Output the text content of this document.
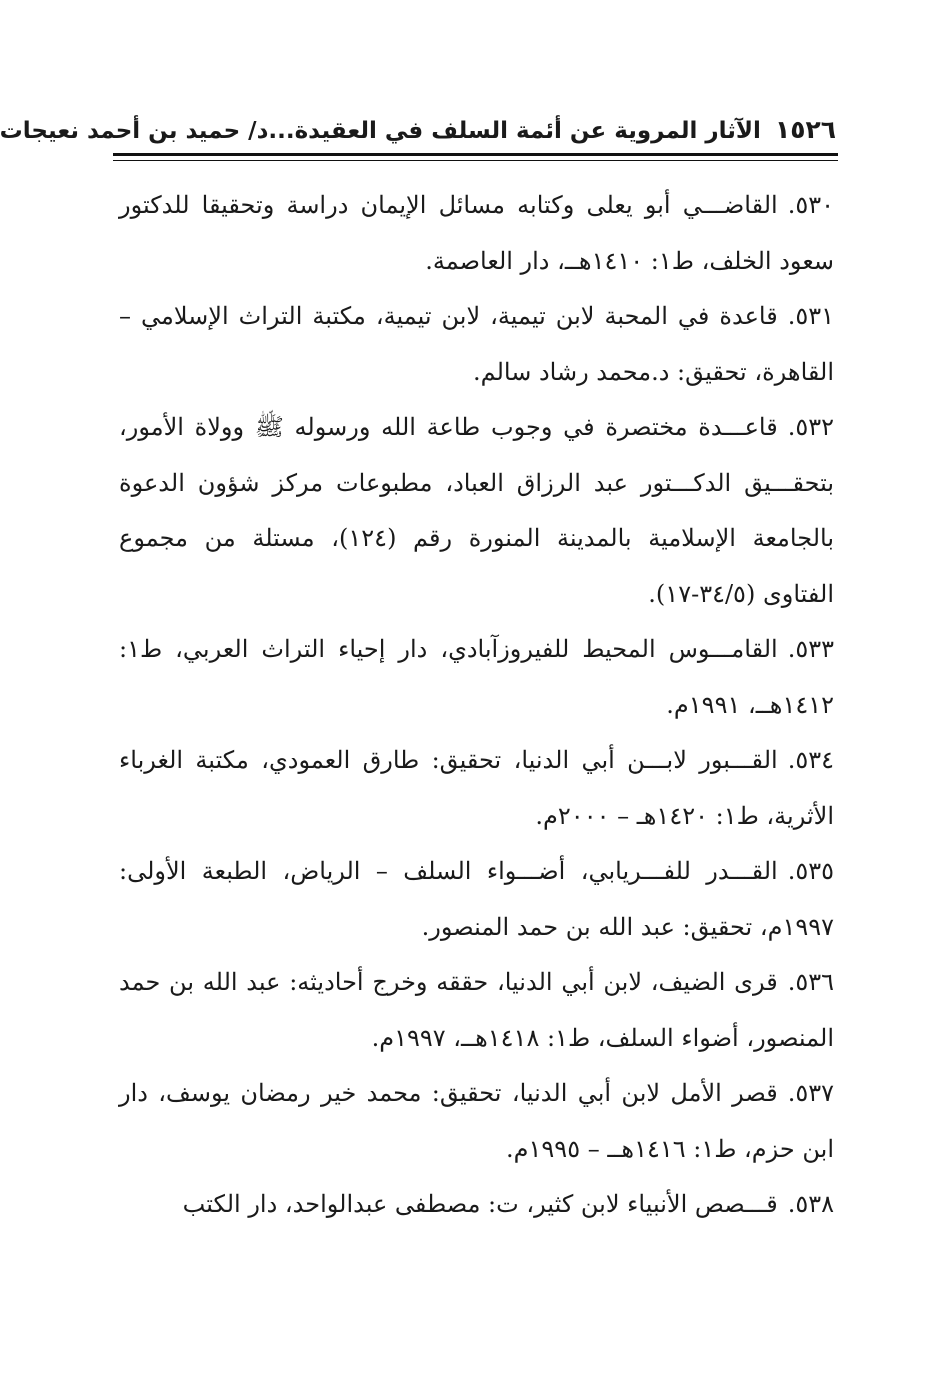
١٥٢٦ الآثار المروية عن أئمة السلف في العقيدة...د/ حميد بن أحمد نعيجات

٥٣٠.القاضـــي أبو يعلى وكتابه مسائل الإيمان دراسة وتحقيقا للدكتور سعود الخلف، ط١: ١٤١٠هــ، دار العاصمة.

٥٣١.قاعدة في المحبة لابن تيمية، لابن تيمية، مكتبة التراث الإسلامي – القاهرة، تحقيق: د.محمد رشاد سالم.

٥٣٢.قاعـــدة مختصرة في وجوب طاعة الله ورسوله ﷺ وولاة الأمور، بتحقـــيق الدكـــتور عبد الرزاق العباد، مطبوعات مركز شؤون الدعوة بالجامعة الإسلامية بالمدينة المنورة رقم (١٢٤)، مستلة من مجموع الفتاوى (٣٤/٥-١٧).

٥٣٣.القامـــوس المحيط للفيروزآبادي، دار إحياء التراث العربي، ط١: ١٤١٢هــ، ١٩٩١م.

٥٣٤.القـــبور لابـــن أبي الدنيا، تحقيق: طارق العمودي، مكتبة الغرباء الأثرية، ط١: ١٤٢٠هـ – ٢٠٠٠م.

٥٣٥.القـــدر للفـــريابي، أضـــواء السلف – الرياض، الطبعة الأولى: ١٩٩٧م، تحقيق: عبد الله بن حمد المنصور.

٥٣٦.قرى الضيف، لابن أبي الدنيا، حققه وخرج أحاديثه: عبد الله بن حمد المنصور، أضواء السلف، ط١: ١٤١٨هــ، ١٩٩٧م.

٥٣٧.قصر الأمل لابن أبي الدنيا، تحقيق: محمد خير رمضان يوسف، دار ابن حزم، ط١: ١٤١٦هــ – ١٩٩٥م.

٥٣٨.قـــصص الأنبياء لابن كثير، ت: مصطفى عبدالواحد، دار الكتب
